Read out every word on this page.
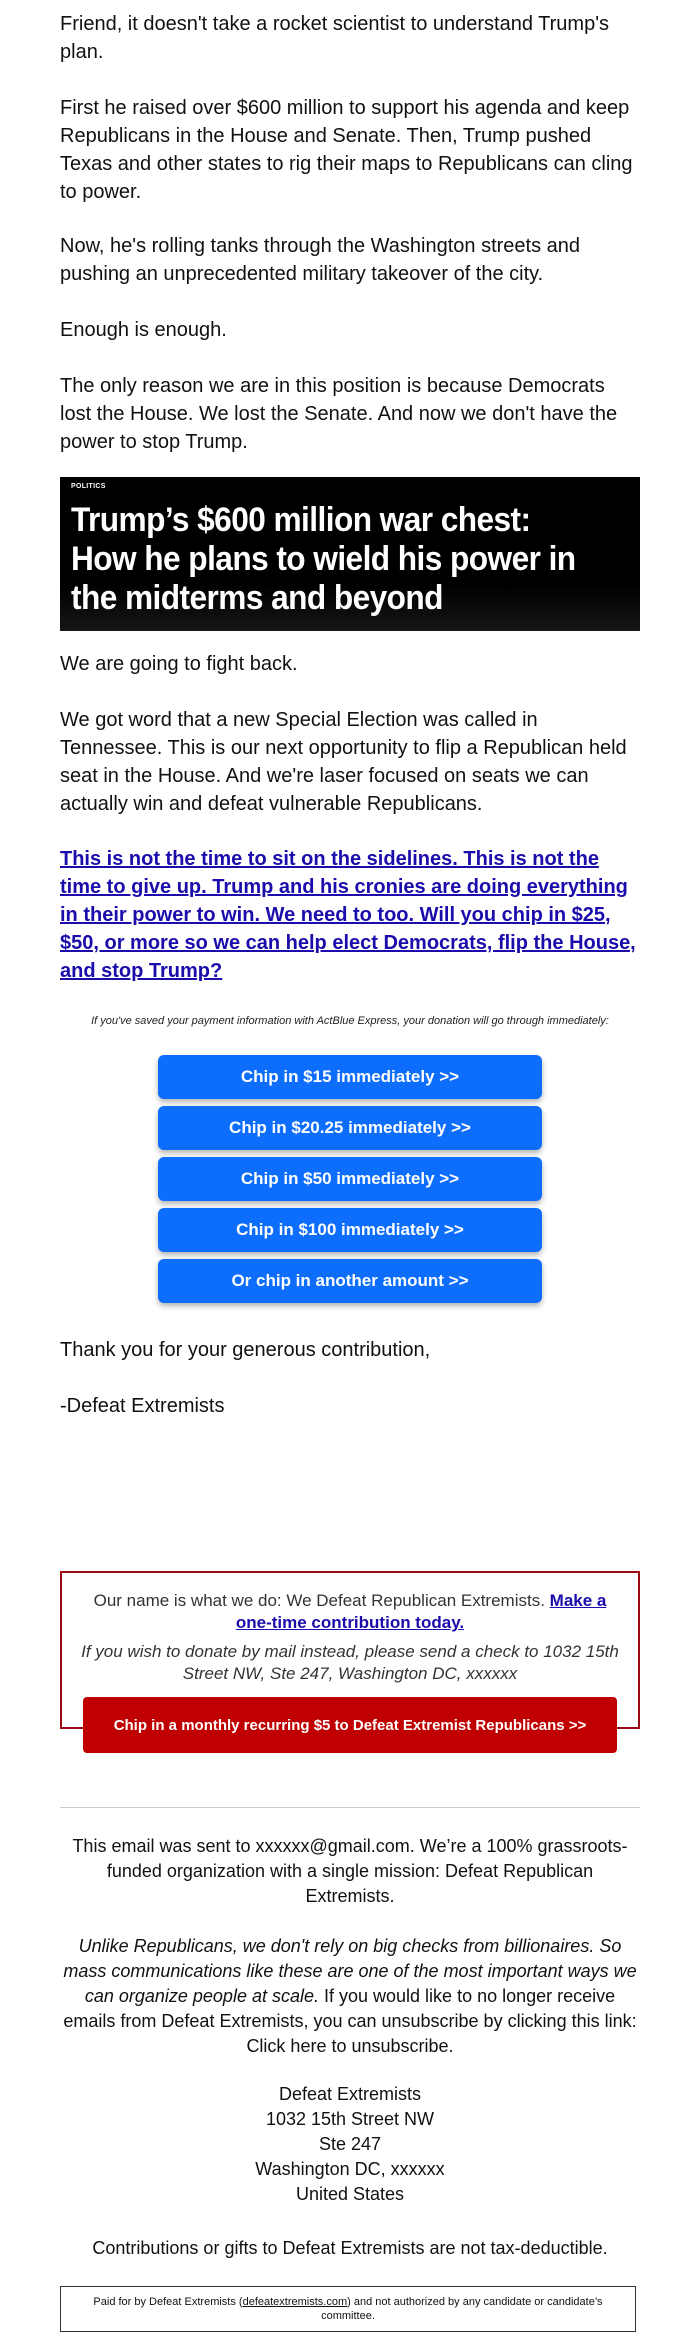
Friend, it doesn't take a rocket scientist to understand Trump's plan.

First he raised over $600 million to support his agenda and keep Republicans in the House and Senate. Then, Trump pushed Texas and other states to rig their maps to Republicans can cling to power.

Now, he's rolling tanks through the Washington streets and pushing an unprecedented military takeover of the city.

Enough is enough.

The only reason we are in this position is because Democrats lost the House. We lost the Senate. And now we don't have the power to stop Trump.

We are going to fight back.

We got word that a new Special Election was called in Tennessee. This is our next opportunity to flip a Republican held seat in the House. And we're laser focused on seats we can actually win and defeat vulnerable Republicans.

Thank you for your generous contribution,

-Defeat Extremists

POLITICS
Trump’s $600 million war chest: How he plans to wield his power in the midterms and beyond
This is not the time to sit on the sidelines. This is not the time to give up. Trump and his cronies are doing everything in their power to win. We need to too. Will you chip in $25, $50, or more so we can help elect Democrats, flip the House, and stop Trump?
If you've saved your payment information with ActBlue Express, your donation will go through immediately:
Chip in $15 immediately >>
Chip in $20.25 immediately >>
Chip in $50 immediately >>
Chip in $100 immediately >>
Or chip in another amount >>
Our name is what we do: We Defeat Republican Extremists. Make a one-time contribution today.
If you wish to donate by mail instead, please send a check to 1032 15th Street NW, Ste 247, Washington DC, xxxxxx
Chip in a monthly recurring $5 to Defeat Extremist Republicans >>
This email was sent to xxxxxx@gmail.com. We’re a 100% grassroots-funded organization with a single mission: Defeat Republican Extremists.
Unlike Republicans, we don't rely on big checks from billionaires. So mass communications like these are one of the most important ways we can organize people at scale. If you would like to no longer receive emails from Defeat Extremists, you can unsubscribe by clicking this link: Click here to unsubscribe.
Defeat Extremists
1032 15th Street NW
Ste 247
Washington DC, xxxxxx
United States
Contributions or gifts to Defeat Extremists are not tax-deductible.
Paid for by Defeat Extremists (defeatextremists.com) and not authorized by any candidate or candidate’s committee.
